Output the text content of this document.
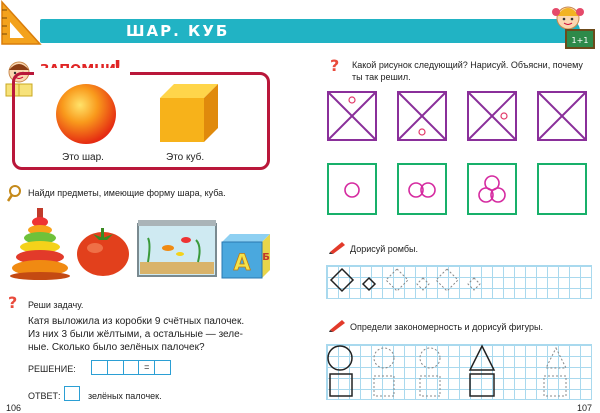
ШАР. КУБ
1+1
Это шар.	Это куб.
Найди предметы, имеющие форму шара, куба.
A Б
? Реши задачу.
Катя выложила из коробки 9 счётных палочек.
Из них 3 были жёлтыми, а остальные — зеле-
ные. Сколько было зелёных палочек?
РЕШЕНИЕ:	=
ОТВЕТ:	зелёных палочек.
106
? Какой рисунок следующий? Нарисуй. Объясни, почему
ты так решил.
Дорисуй ромбы.
Определи закономерность и дорисуй фигуры.
107
